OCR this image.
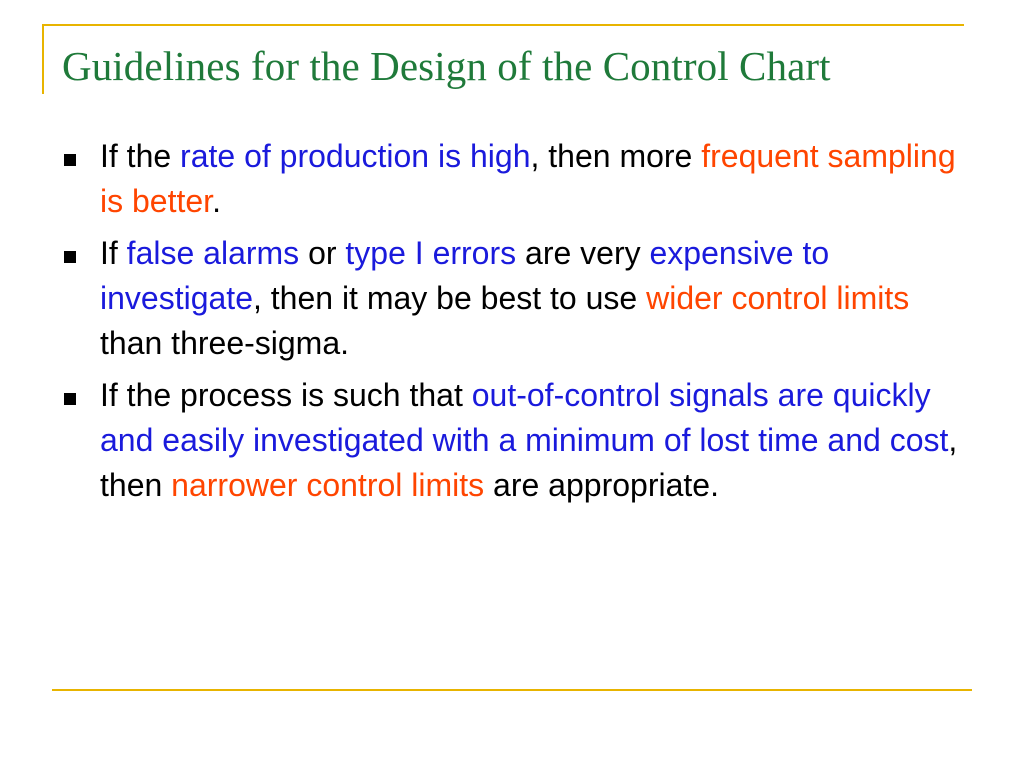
Guidelines for the Design of the Control Chart
If the rate of production is high, then more frequent sampling is better.
If false alarms or type I errors are very expensive to investigate, then it may be best to use wider control limits than three-sigma.
If the process is such that out-of-control signals are quickly and easily investigated with a minimum of lost time and cost, then narrower control limits are appropriate.
